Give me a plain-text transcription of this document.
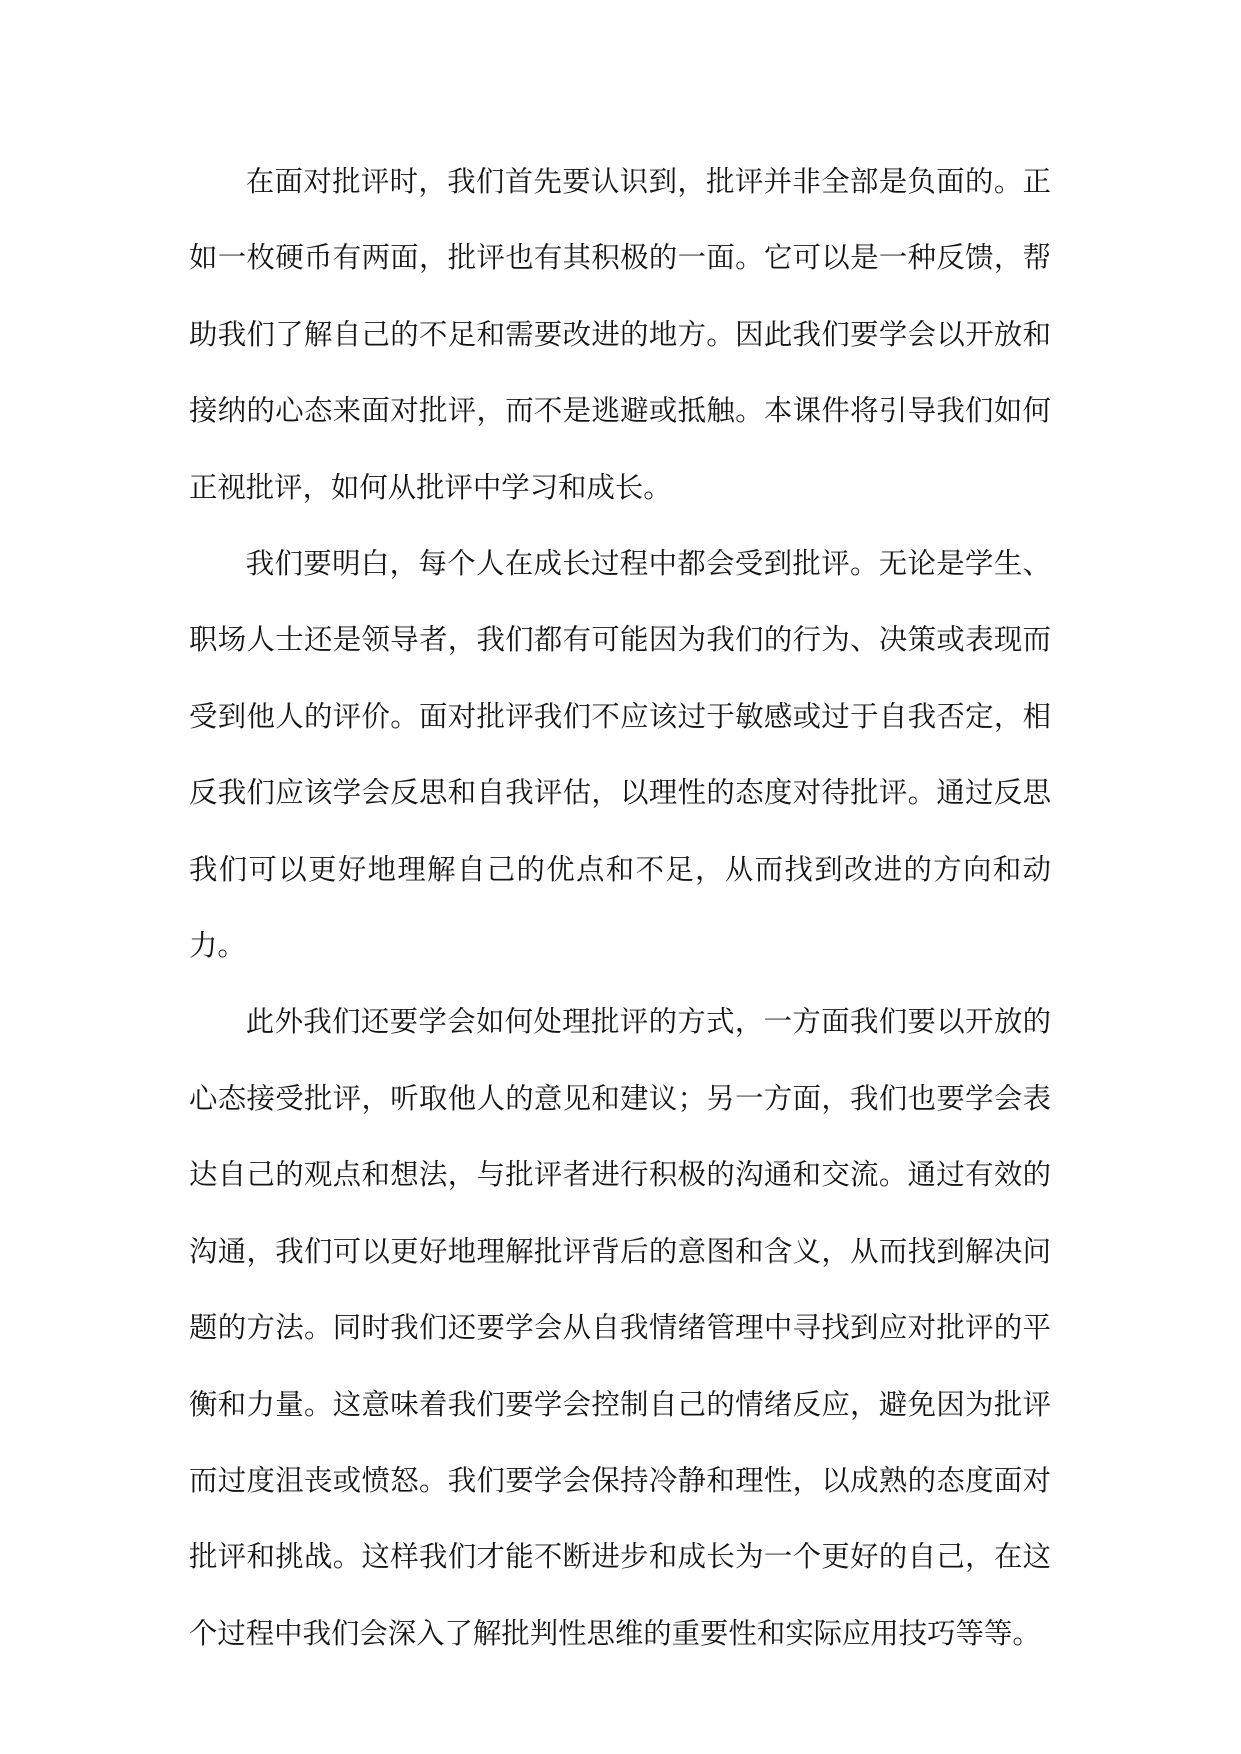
在面对批评时，我们首先要认识到，批评并非全部是负面的。正如一枚硬币有两面，批评也有其积极的一面。它可以是一种反馈，帮助我们了解自己的不足和需要改进的地方。因此我们要学会以开放和接纳的心态来面对批评，而不是逃避或抵触。本课件将引导我们如何正视批评，如何从批评中学习和成长。

我们要明白，每个人在成长过程中都会受到批评。无论是学生、职场人士还是领导者，我们都有可能因为我们的行为、决策或表现而受到他人的评价。面对批评我们不应该过于敏感或过于自我否定，相反我们应该学会反思和自我评估，以理性的态度对待批评。通过反思我们可以更好地理解自己的优点和不足，从而找到改进的方向和动力。

此外我们还要学会如何处理批评的方式，一方面我们要以开放的心态接受批评，听取他人的意见和建议；另一方面，我们也要学会表达自己的观点和想法，与批评者进行积极的沟通和交流。通过有效的沟通，我们可以更好地理解批评背后的意图和含义，从而找到解决问题的方法。同时我们还要学会从自我情绪管理中寻找到应对批评的平衡和力量。这意味着我们要学会控制自己的情绪反应，避免因为批评而过度沮丧或愤怒。我们要学会保持冷静和理性，以成熟的态度面对批评和挑战。这样我们才能不断进步和成长为一个更好的自己，在这个过程中我们会深入了解批判性思维的重要性和实际应用技巧等等。
